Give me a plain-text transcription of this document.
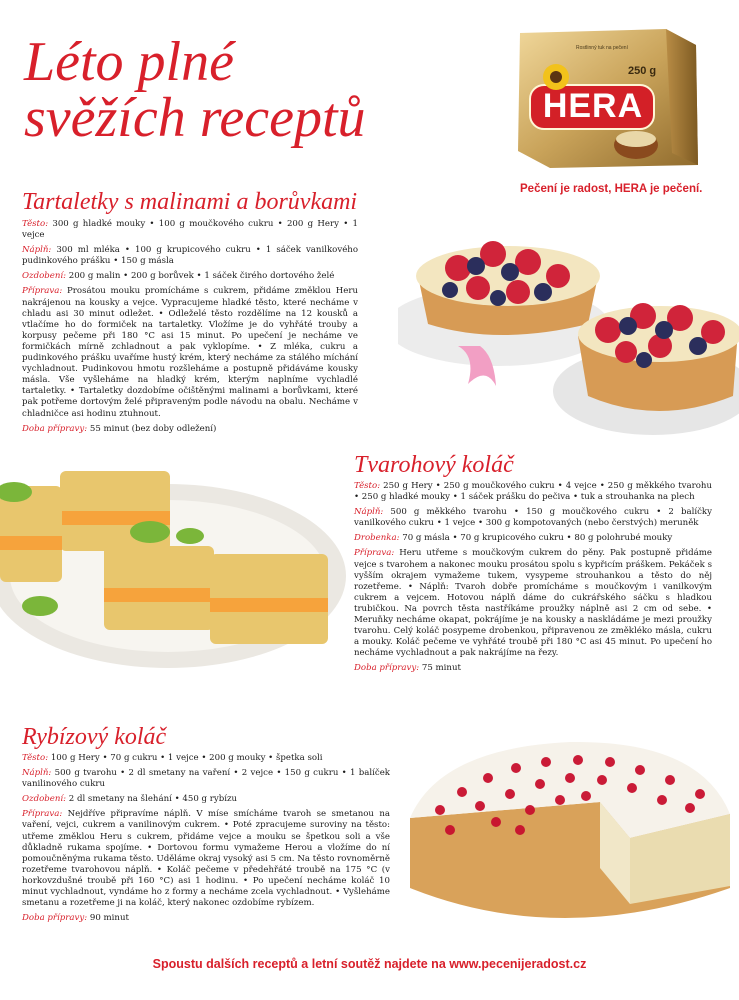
Léto plné
svěžích receptů	HERA
250 g
Rostlinný tuk na pečení
Pečení je radost, HERA je pečení.
Tartaletky s malinami a borůvkami

Těsto: 300 g hladké mouky • 100 g moučkového cukru • 200 g Hery • 1 vejce

Náplň: 300 ml mléka • 100 g krupicového cukru • 1 sáček vanilkového pudinkového prášku • 150 g másla

Ozdobení: 200 g malin • 200 g borůvek • 1 sáček čirého dortového želé

Příprava: Prosátou mouku promícháme s cukrem, přidáme změklou Heru nakrájenou na kousky a vejce. Vypracujeme hladké těsto, které necháme v chladu asi 30 minut odležet. • Odleželé těsto rozdělíme na 12 kousků a vtlačíme ho do formiček na tartaletky. Vložíme je do vyhřáté trouby a korpusy pečeme při 180 °C asi 15 minut. Po upečení je necháme ve formičkách mírně zchladnout a pak vyklopíme. • Z mléka, cukru a pudinkového prášku uvaříme hustý krém, který necháme za stálého míchání vychladnout. Pudinkovou hmotu rozšleháme a postupně přidáváme kousky másla. Vše vyšleháme na hladký krém, kterým naplníme vychladlé tartaletky. • Tartaletky dozdobíme očištěnými malinami a borůvkami, které pak potřeme dortovým želé připraveným podle návodu na obalu. Necháme v chladničce asi hodinu ztuhnout.

Doba přípravy: 55 minut (bez doby odležení)

Tvarohový koláč

Těsto: 250 g Hery • 250 g moučkového cukru • 4 vejce • 250 g měkkého tvarohu • 250 g hladké mouky • 1 sáček prášku do pečiva • tuk a strouhanka na plech

Náplň: 500 g měkkého tvarohu • 150 g moučkového cukru • 2 balíčky vanilkového cukru • 1 vejce • 300 g kompotovaných (nebo čerstvých) meruněk

Drobenka: 70 g másla • 70 g krupicového cukru • 80 g polohrubé mouky

Příprava: Heru utřeme s moučkovým cukrem do pěny. Pak postupně přidáme vejce s tvarohem a nakonec mouku prosátou spolu s kypřicím práškem. Pekáček s vyšším okrajem vymažeme tukem, vysypeme strouhankou a těsto do něj rozetřeme. • Náplň: Tvaroh dobře promícháme s moučkovým i vanilkovým cukrem a vejcem. Hotovou náplň dáme do cukrářského sáčku s hladkou trubičkou. Na povrch těsta nastříkáme proužky náplně asi 2 cm od sebe. • Meruňky necháme okapat, pokrájíme je na kousky a naskládáme je mezi proužky tvarohu. Celý koláč posypeme drobenkou, připravenou ze změkléko másla, cukru a mouky. Koláč pečeme ve vyhřáté troubě při 180 °C asi 45 minut. Po upečení ho necháme vychladnout a pak nakrájíme na řezy.

Doba přípravy: 75 minut

Rybízový koláč

Těsto: 100 g Hery • 70 g cukru • 1 vejce • 200 g mouky • špetka soli

Náplň: 500 g tvarohu • 2 dl smetany na vaření • 2 vejce • 150 g cukru • 1 balíček vanilinového cukru

Ozdobení: 2 dl smetany na šlehání • 450 g rybízu

Příprava: Nejdříve připravíme náplň. V míse smícháme tvaroh se smetanou na vaření, vejci, cukrem a vanilinovým cukrem. • Poté zpracujeme suroviny na těsto: utřeme změklou Heru s cukrem, přidáme vejce a mouku se špetkou soli a vše důkladně rukama spojíme. • Dortovou formu vymažeme Herou a vložíme do ní pomoučněnýma rukama těsto. Uděláme okraj vysoký asi 5 cm. Na těsto rovnoměrně rozetřeme tvarohovou náplň. • Koláč pečeme v předehřáté troubě na 175 °C (v horkovzdušné troubě při 160 °C) asi 1 hodinu. • Po upečení necháme koláč 10 minut vychladnout, vyndáme ho z formy a necháme zcela vychladnout. • Vyšleháme smetanu a rozetřeme ji na koláč, který nakonec ozdobíme rybízem.

Doba přípravy: 90 minut

Spoustu dalších receptů a letní soutěž najdete na www.pecenijeradost.cz
